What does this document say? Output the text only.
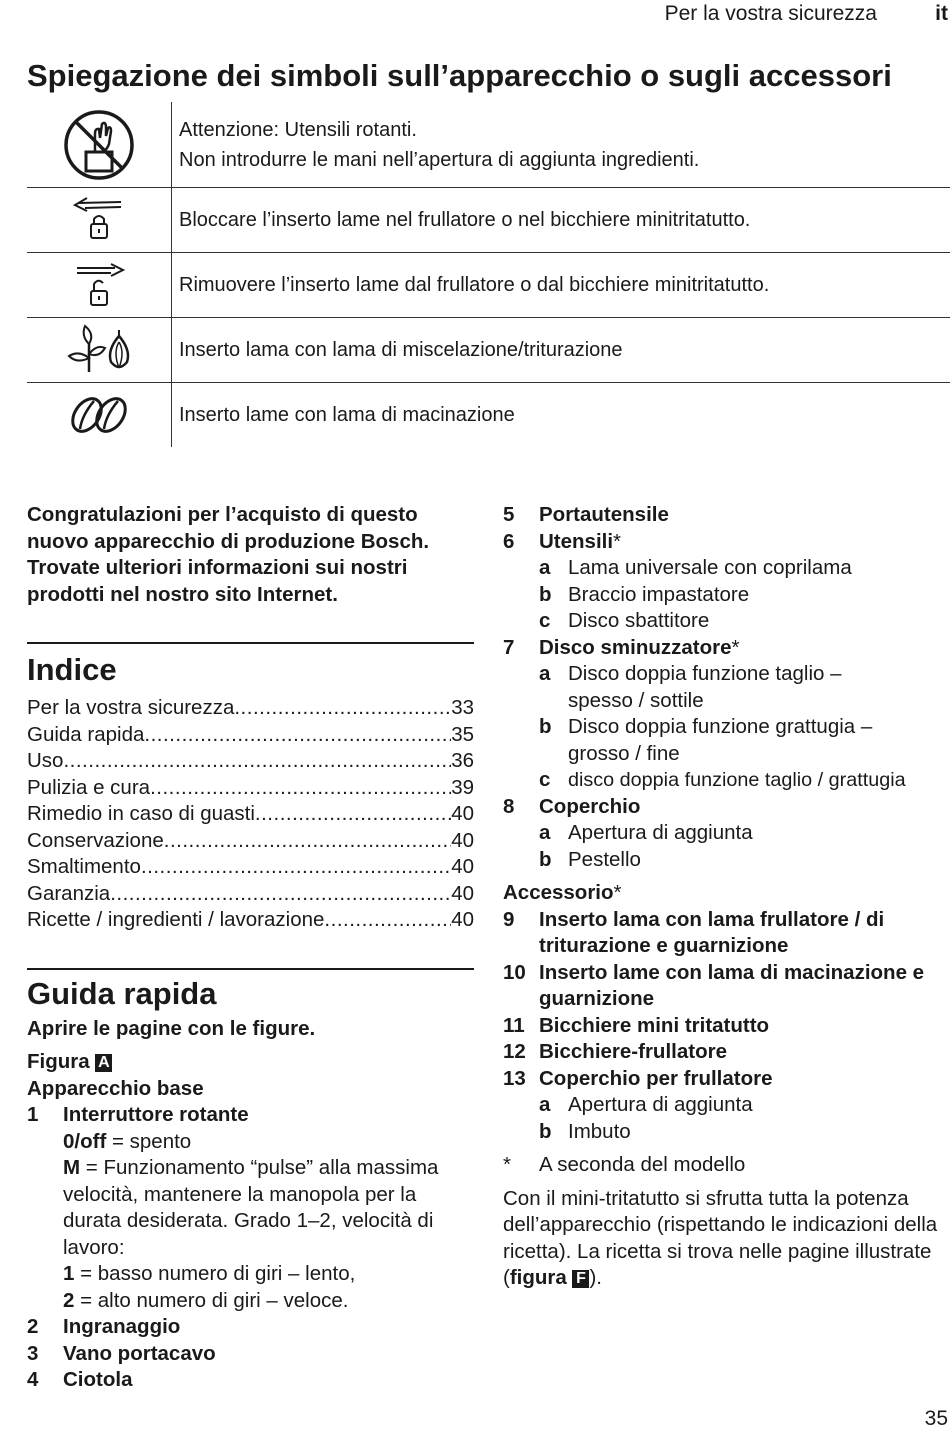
Per la vostra sicurezza	it
Spiegazione dei simboli sull’apparecchio o sugli accessori
Attenzione: Utensili rotanti.
Non introdurre le mani nell’apertura di aggiunta ingredienti.
Bloccare l’inserto lame nel frullatore o nel bicchiere minitritatutto.
Rimuovere l’inserto lame dal frullatore o dal bicchiere minitritatutto.
Inserto lama con lama di miscelazione/triturazione
Inserto lame con lama di macinazione

Congratulazioni per l’acquisto di questo nuovo apparecchio di produzione Bosch. Trovate ulteriori informazioni sui nostri prodotti nel nostro sito Internet.

Indice
Per la vostra sicurezza .....	33
Guida rapida .....	35
Uso .....	36
Pulizia e cura .....	39
Rimedio in caso di guasti .....	40
Conservazione .....	40
Smaltimento .....	40
Garanzia .....	40
Ricette / ingredienti / lavorazione .....	40
Guida rapida

Aprire le pagine con le figure.

Figura A

Apparecchio base

1	Interruttore rotante
0/off = spento
M = Funzionamento “pulse” alla massima velocità, mantenere la manopola per la durata desiderata. Grado 1–2, velocità di lavoro:
1 = basso numero di giri – lento,
2 = alto numero di giri – veloce.
2	Ingranaggio
3	Vano portacavo
4	Ciotola
5	Portautensile
6	Utensili*
a Lama universale con coprilama
b Braccio impastatore
c Disco sbattitore
7	Disco sminuzzatore*
a Disco doppia funzione taglio – spesso / sottile
b Disco doppia funzione grattugia – grosso / fine
c disco doppia funzione taglio / grattugia
8	Coperchio
a Apertura di aggiunta
b Pestello

Accessorio*

9	Inserto lama con lama frullatore / di triturazione e guarnizione
10 Inserto lame con lama di macinazione e guarnizione
11 Bicchiere mini tritatutto
12 Bicchiere-frullatore
13 Coperchio per frullatore
a Apertura di aggiunta
b Imbuto
*	A seconda del modello

Con il mini-tritatutto si sfrutta tutta la potenza dell’apparecchio (rispettando le indicazioni della ricetta). La ricetta si trova nelle pagine illustrate (figura F ).

35
